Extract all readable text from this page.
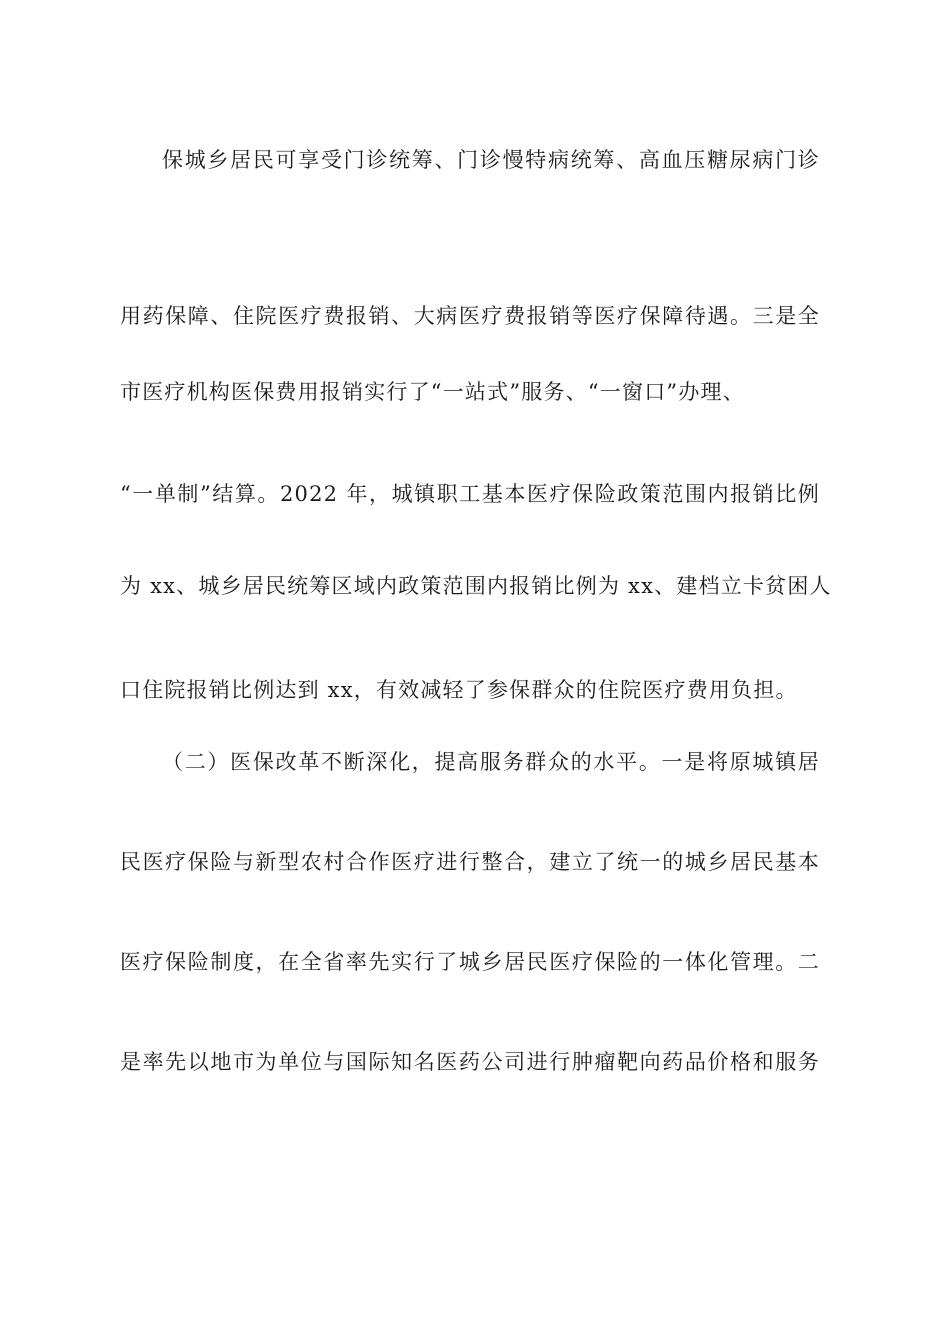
保城乡居民可享受门诊统筹、门诊慢特病统筹、高血压糖尿病门诊
用药保障、住院医疗费报销、大病医疗费报销等医疗保障待遇。三是全
市医疗机构医保费用报销实行了“一站式”服务、“一窗口”办理、
“一单制”结算。2022 年，城镇职工基本医疗保险政策范围内报销比例
为 xx、城乡居民统筹区域内政策范围内报销比例为 xx、建档立卡贫困人
口住院报销比例达到 xx，有效减轻了参保群众的住院医疗费用负担。
（二）医保改革不断深化，提高服务群众的水平。一是将原城镇居
民医疗保险与新型农村合作医疗进行整合，建立了统一的城乡居民基本
医疗保险制度，在全省率先实行了城乡居民医疗保险的一体化管理。二
是率先以地市为单位与国际知名医药公司进行肿瘤靶向药品价格和服务
